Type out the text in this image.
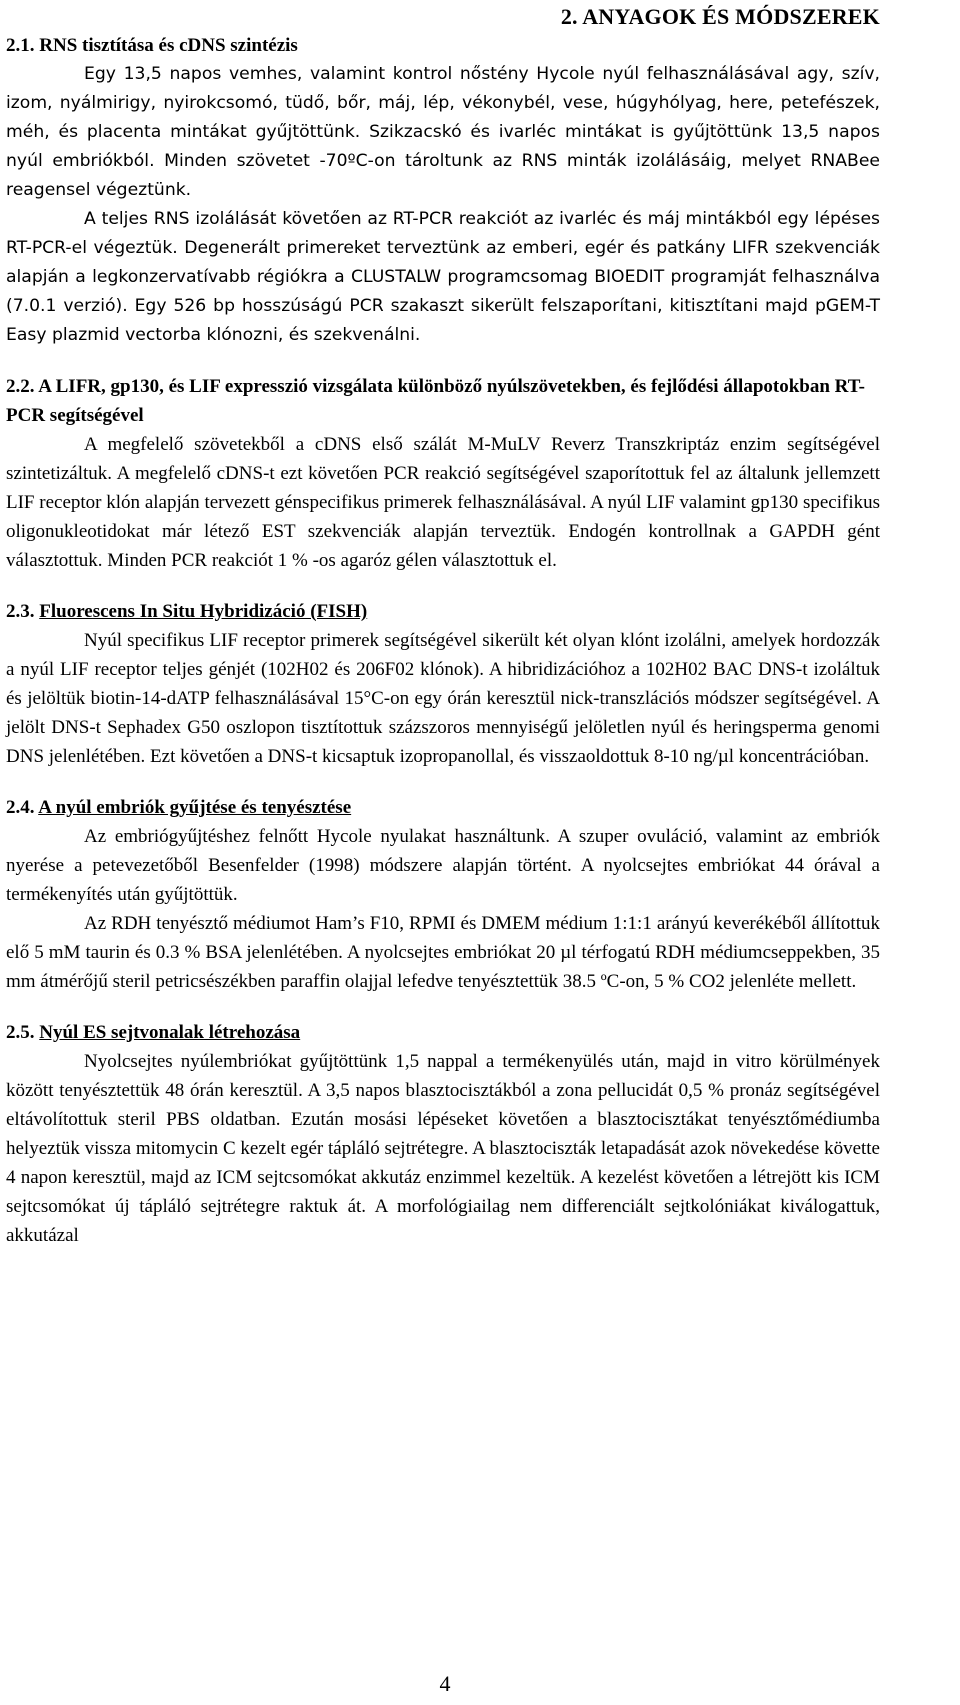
2. ANYAGOK ÉS MÓDSZEREK
2.1. RNS tisztítása és cDNS szintézis

Egy 13,5 napos vemhes, valamint kontrol nőstény Hycole nyúl felhasználásával agy, szív, izom, nyálmirigy, nyirokcsomó, tüdő, bőr, máj, lép, vékonybél, vese, húgyhólyag, here, petefészek, méh, és placenta mintákat gyűjtöttünk. Szikzacskó és ivarléc mintákat is gyűjtöttünk 13,5 napos nyúl embriókból. Minden szövetet -70ºC-on tároltunk az RNS minták izolálásáig, melyet RNABee reagensel végeztünk.

A teljes RNS izolálását követően az RT-PCR reakciót az ivarléc és máj mintákból egy lépéses RT-PCR-el végeztük. Degenerált primereket terveztünk az emberi, egér és patkány LIFR szekvenciák alapján a legkonzervatívabb régiókra a CLUSTALW programcsomag BIOEDIT programját felhasználva (7.0.1 verzió). Egy 526 bp hosszúságú PCR szakaszt sikerült felszaporítani, kitisztítani majd pGEM-T Easy plazmid vectorba klónozni, és szekvenálni.

2.2. A LIFR, gp130, és LIF expresszió vizsgálata különböző nyúlszövetekben, és fejlődési állapotokban RT-PCR segítségével

A megfelelő szövetekből a cDNS első szálát M-MuLV Reverz Transzkriptáz enzim segítségével szintetizáltuk. A megfelelő cDNS-t ezt követően PCR reakció segítségével szaporítottuk fel az általunk jellemzett LIF receptor klón alapján tervezett génspecifikus primerek felhasználásával. A nyúl LIF valamint gp130 specifikus oligonukleotidokat már létező EST szekvenciák alapján terveztük. Endogén kontrollnak a GAPDH gént választottuk. Minden PCR reakciót 1 % -os agaróz gélen választottuk el.

2.3. Fluorescens In Situ Hybridizáció (FISH)

Nyúl specifikus LIF receptor primerek segítségével sikerült két olyan klónt izolálni, amelyek hordozzák a nyúl LIF receptor teljes génjét (102H02 és 206F02 klónok). A hibridizációhoz a 102H02 BAC DNS-t izoláltuk és jelöltük biotin-14-dATP felhasználásával 15°C-on egy órán keresztül nick-transzlációs módszer segítségével. A jelölt DNS-t Sephadex G50 oszlopon tisztítottuk százszoros mennyiségű jelöletlen nyúl és heringsperma genomi DNS jelenlétében. Ezt követően a DNS-t kicsaptuk izopropanollal, és visszaoldottuk 8-10 ng/µl koncentrációban.

2.4. A nyúl embriók gyűjtése és tenyésztése

Az embriógyűjtéshez felnőtt Hycole nyulakat használtunk. A szuper ovuláció, valamint az embriók nyerése a petevezetőből Besenfelder (1998) módszere alapján történt. A nyolcsejtes embriókat 44 órával a termékenyítés után gyűjtöttük.

Az RDH tenyésztő médiumot Ham’s F10, RPMI és DMEM médium 1:1:1 arányú keverékéből állítottuk elő 5 mM taurin és 0.3 % BSA jelenlétében. A nyolcsejtes embriókat 20 µl térfogatú RDH médiumcseppekben, 35 mm átmérőjű steril petricsészékben paraffin olajjal lefedve tenyésztettük 38.5 ºC-on, 5 % CO2 jelenléte mellett.

2.5. Nyúl ES sejtvonalak létrehozása

Nyolcsejtes nyúlembriókat gyűjtöttünk 1,5 nappal a termékenyülés után, majd in vitro körülmények között tenyésztettük 48 órán keresztül. A 3,5 napos blasztocisztákból a zona pellucidát 0,5 % pronáz segítségével eltávolítottuk steril PBS oldatban. Ezután mosási lépéseket követően a blasztocisztákat tenyésztőmédiumba helyeztük vissza mitomycin C kezelt egér tápláló sejtrétegre. A blasztociszták letapadását azok növekedése követte 4 napon keresztül, majd az ICM sejtcsomókat akkutáz enzimmel kezeltük. A kezelést követően a létrejött kis ICM sejtcsomókat új tápláló sejtrétegre raktuk át. A morfológiailag nem differenciált sejtkolóniákat kiválogattuk, akkutázal

4
